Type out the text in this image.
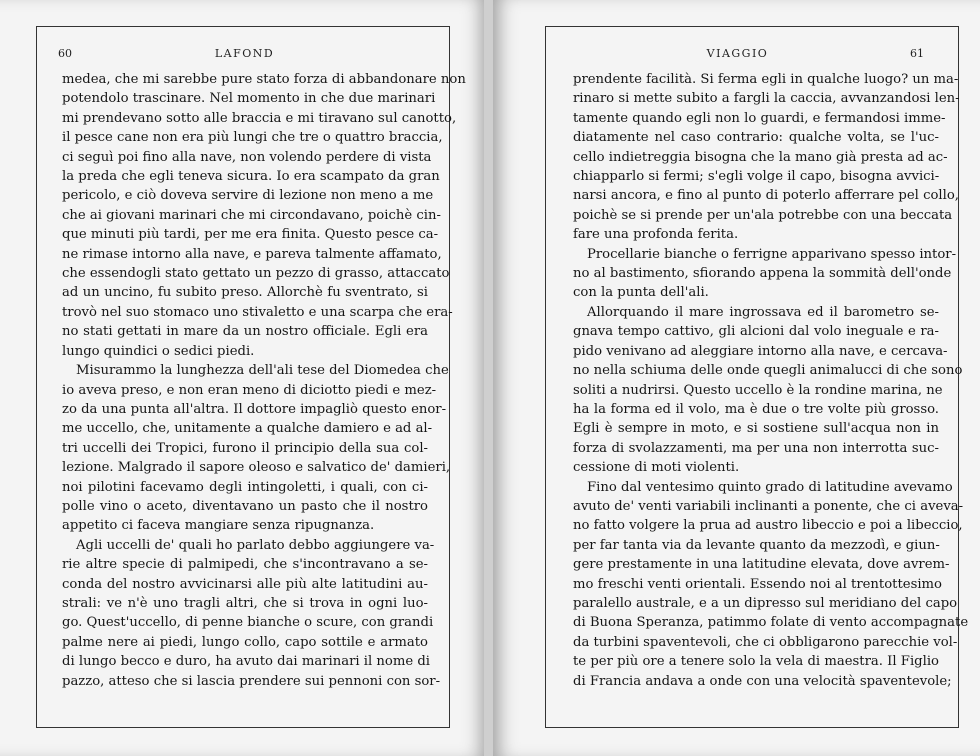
60	LAFOND
medea, che mi sarebbe pure stato forza di abbandonare non
potendolo trascinare. Nel momento in che due marinari
mi prendevano sotto alle braccia e mi tiravano sul canotto,
il pesce cane non era più lungi che tre o quattro braccia,
ci seguì poi fino alla nave, non volendo perdere di vista
la preda che egli teneva sicura. Io era scampato da gran
pericolo, e ciò doveva servire di lezione non meno a me
che ai giovani marinari che mi circondavano, poichè cin-
que minuti più tardi, per me era finita. Questo pesce ca-
ne rimase intorno alla nave, e pareva talmente affamato,
che essendogli stato gettato un pezzo di grasso, attaccato
ad un uncino, fu subito preso. Allorchè fu sventrato, si
trovò nel suo stomaco uno stivaletto e una scarpa che era-
no stati gettati in mare da un nostro officiale. Egli era
lungo quindici o sedici piedi.
Misurammo la lunghezza dell'ali tese del Diomedea che
io aveva preso, e non eran meno di diciotto piedi e mez-
zo da una punta all'altra. Il dottore impagliò questo enor-
me uccello, che, unitamente a qualche damiero e ad al-
tri uccelli dei Tropici, furono il principio della sua col-
lezione. Malgrado il sapore oleoso e salvatico de' damieri,
noi pilotini facevamo degli intingoletti, i quali, con ci-
polle vino o aceto, diventavano un pasto che il nostro
appetito ci faceva mangiare senza ripugnanza.
Agli uccelli de' quali ho parlato debbo aggiungere va-
rie altre specie di palmipedi, che s'incontravano a se-
conda del nostro avvicinarsi alle più alte latitudini au-
strali: ve n'è uno tragli altri, che si trova in ogni luo-
go. Quest'uccello, di penne bianche o scure, con grandi
palme nere ai piedi, lungo collo, capo sottile e armato
di lungo becco e duro, ha avuto dai marinari il nome di
pazzo, atteso che si lascia prendere sui pennoni con sor-
VIAGGIO	61
prendente facilità. Si ferma egli in qualche luogo? un ma-
rinaro si mette subito a fargli la caccia, avvanzandosi len-
tamente quando egli non lo guardi, e fermandosi imme-
diatamente nel caso contrario: qualche volta, se l'uc-
cello indietreggia bisogna che la mano già presta ad ac-
chiapparlo si fermi; s'egli volge il capo, bisogna avvici-
narsi ancora, e fino al punto di poterlo afferrare pel collo,
poichè se si prende per un'ala potrebbe con una beccata
fare una profonda ferita.
Procellarie bianche o ferrigne apparivano spesso intor-
no al bastimento, sfiorando appena la sommità dell'onde
con la punta dell'ali.
Allorquando il mare ingrossava ed il barometro se-
gnava tempo cattivo, gli alcioni dal volo ineguale e ra-
pido venivano ad aleggiare intorno alla nave, e cercava-
no nella schiuma delle onde quegli animalucci di che sono
soliti a nudrirsi. Questo uccello è la rondine marina, ne
ha la forma ed il volo, ma è due o tre volte più grosso.
Egli è sempre in moto, e si sostiene sull'acqua non in
forza di svolazzamenti, ma per una non interrotta suc-
cessione di moti violenti.
Fino dal ventesimo quinto grado di latitudine avevamo
avuto de' venti variabili inclinanti a ponente, che ci aveva-
no fatto volgere la prua ad austro libeccio e poi a libeccio,
per far tanta via da levante quanto da mezzodì, e giun-
gere prestamente in una latitudine elevata, dove avrem-
mo freschi venti orientali. Essendo noi al trentottesimo
paralello australe, e a un dipresso sul meridiano del capo
di Buona Speranza, patimmo folate di vento accompagnate
da turbini spaventevoli, che ci obbligarono parecchie vol-
te per più ore a tenere solo la vela di maestra. Il Figlio
di Francia andava a onde con una velocità spaventevole;
